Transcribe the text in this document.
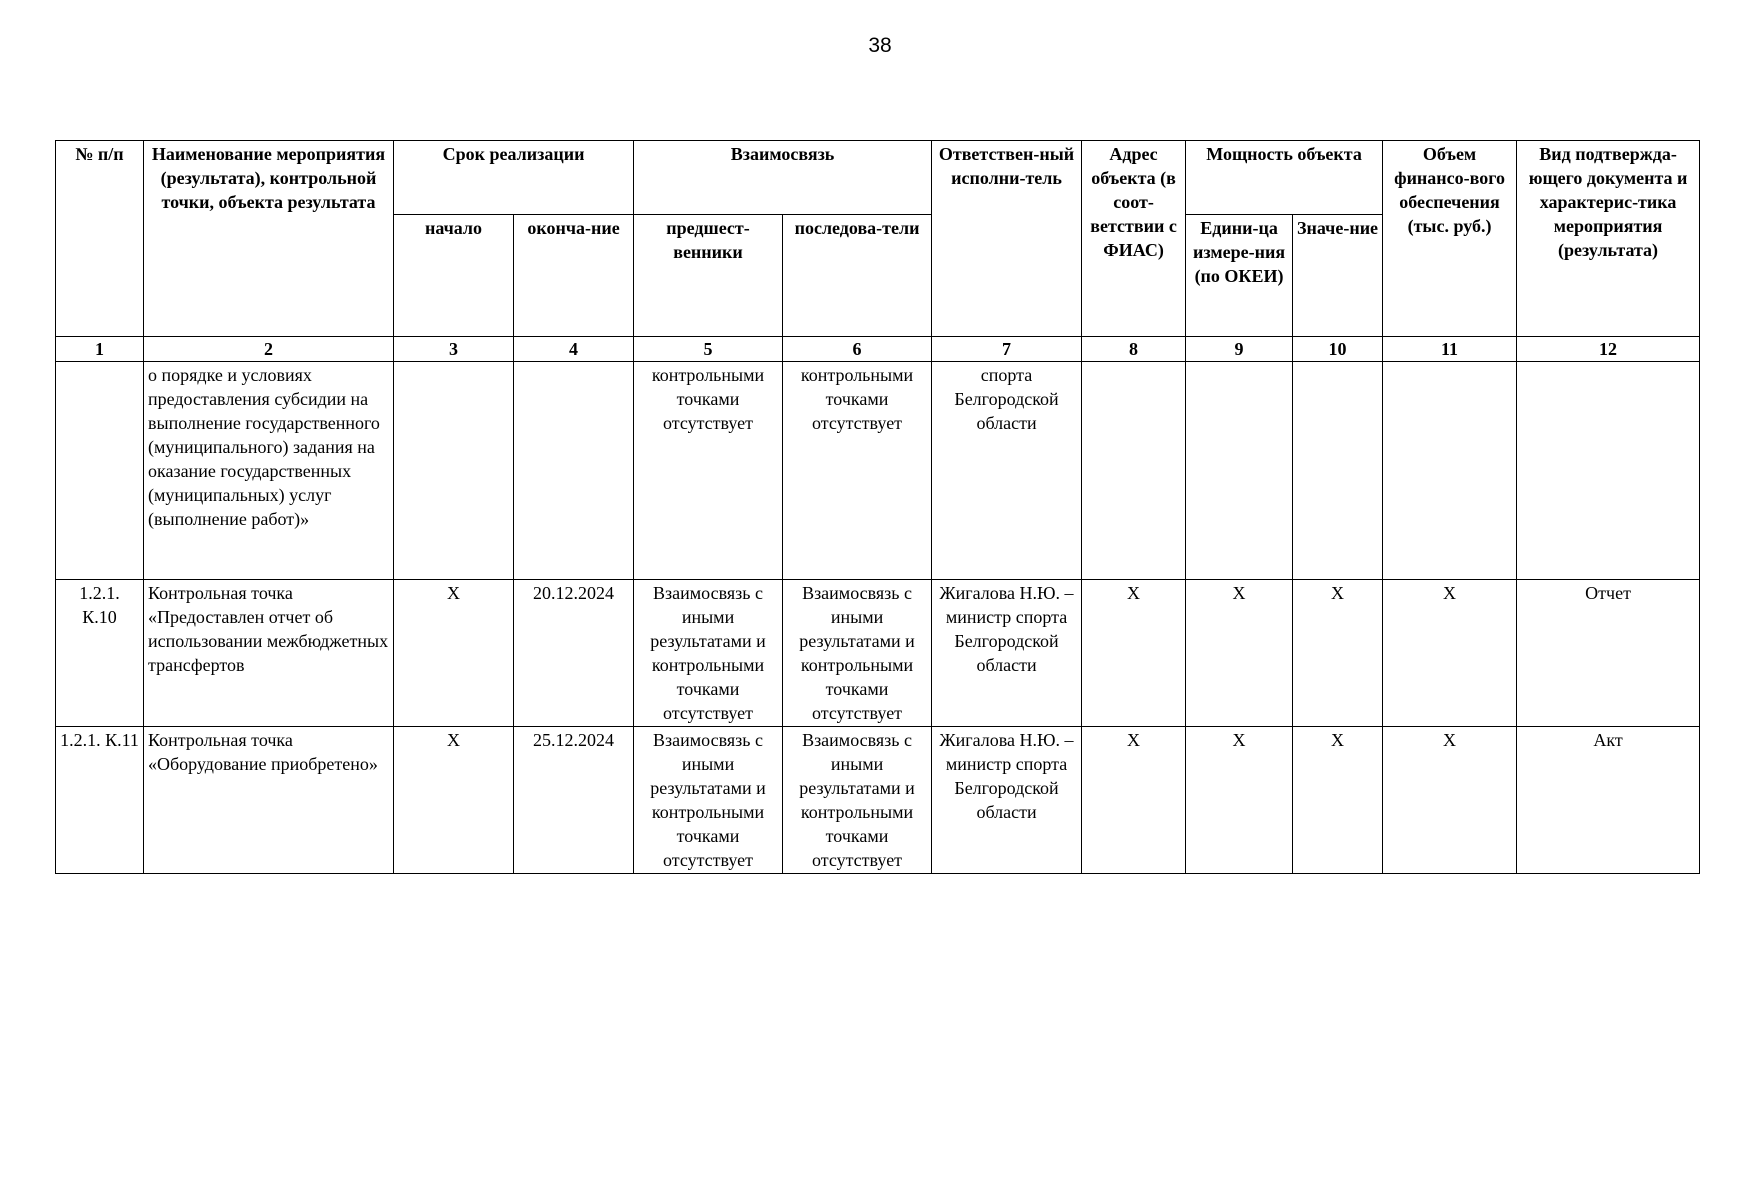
38
№ п/п	Наименование мероприятия (результата), контрольной точки, объекта результата	Срок реализации		Взаимосвязь		Ответствен-ный исполни-тель	Адрес объекта (в соот-ветствии с ФИАС)	Мощность объекта		Объем финансо-вого обеспечения (тыс. руб.)	Вид подтвержда-ющего документа и характерис-тика мероприятия (результата)
		начало	оконча-ние	предшест-венники	последова-тели			Едини-ца измере-ния (по ОКЕИ)	Значе-ние		
1	2	3	4	5	6	7	8	9	10	11	12
	о порядке и условиях предоставления субсидии на выполнение государственного (муниципального) задания на оказание государственных (муниципальных) услуг (выполнение работ)»			контрольными точками отсутствует	контрольными точками отсутствует	спорта Белгородской области					
1.2.1. К.10	Контрольная точка «Предоставлен отчет об использовании межбюджетных трансфертов	X	20.12.2024	Взаимосвязь с иными результатами и контрольными точками отсутствует	Взаимосвязь с иными результатами и контрольными точками отсутствует	Жигалова Н.Ю. – министр спорта Белгородской области	X	X	X	X	Отчет
1.2.1. К.11	Контрольная точка «Оборудование приобретено»	X	25.12.2024	Взаимосвязь с иными результатами и контрольными точками отсутствует	Взаимосвязь с иными результатами и контрольными точками отсутствует	Жигалова Н.Ю. – министр спорта Белгородской области	X	X	X	X	Акт
